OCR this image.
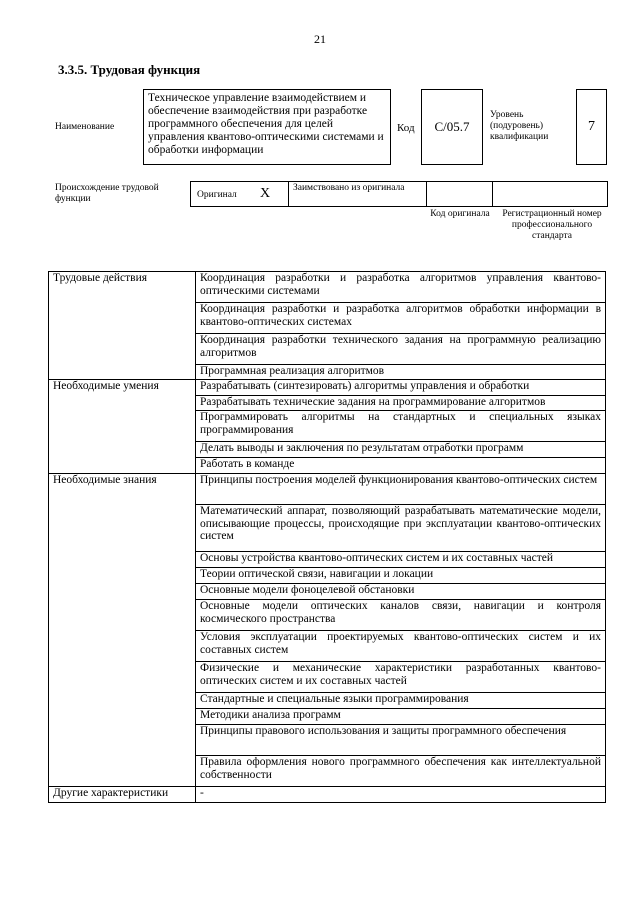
21
3.3.5. Трудовая функция
Наименование
Техническое управление взаимодействием и обеспечение взаимодействия при разработке программного обеспечения для целей управления квантово-оптическими системами и обработки информации
Код С/05.7
Уровень (подуровень) квалификации
7
Происхождение трудовой функции	Оригинал X Заимствовано из оригинала
Код оригинала	Регистрационный номер профессионального стандарта
Трудовые действия	Координация разработки и разработка алгоритмов управления квантово-оптическими системами
	Координация разработки и разработка алгоритмов обработки информации в квантово-оптических системах
	Координация разработки технического задания на программную реализацию алгоритмов
	Программная реализация алгоритмов
Необходимые умения	Разрабатывать (синтезировать) алгоритмы управления и обработки
	Разрабатывать технические задания на программирование алгоритмов
	Программировать алгоритмы на стандартных и специальных языках программирования
	Делать выводы и заключения по результатам отработки программ
	Работать в команде
Необходимые знания	Принципы построения моделей функционирования квантово-оптических систем
	Математический аппарат, позволяющий разрабатывать математические модели, описывающие процессы, происходящие при эксплуатации квантово-оптических систем
	Основы устройства квантово-оптических систем и их составных частей
	Теории оптической связи, навигации и локации
	Основные модели фоноцелевой обстановки
	Основные модели оптических каналов связи, навигации и контроля космического пространства
	Условия эксплуатации проектируемых квантово-оптических систем и их составных систем
	Физические и механические характеристики разработанных квантово-оптических систем и их составных частей
	Стандартные и специальные языки программирования
	Методики анализа программ
	Принципы правового использования и защиты программного обеспечения
	Правила оформления нового программного обеспечения как интеллектуальной собственности
Другие характеристики	-
